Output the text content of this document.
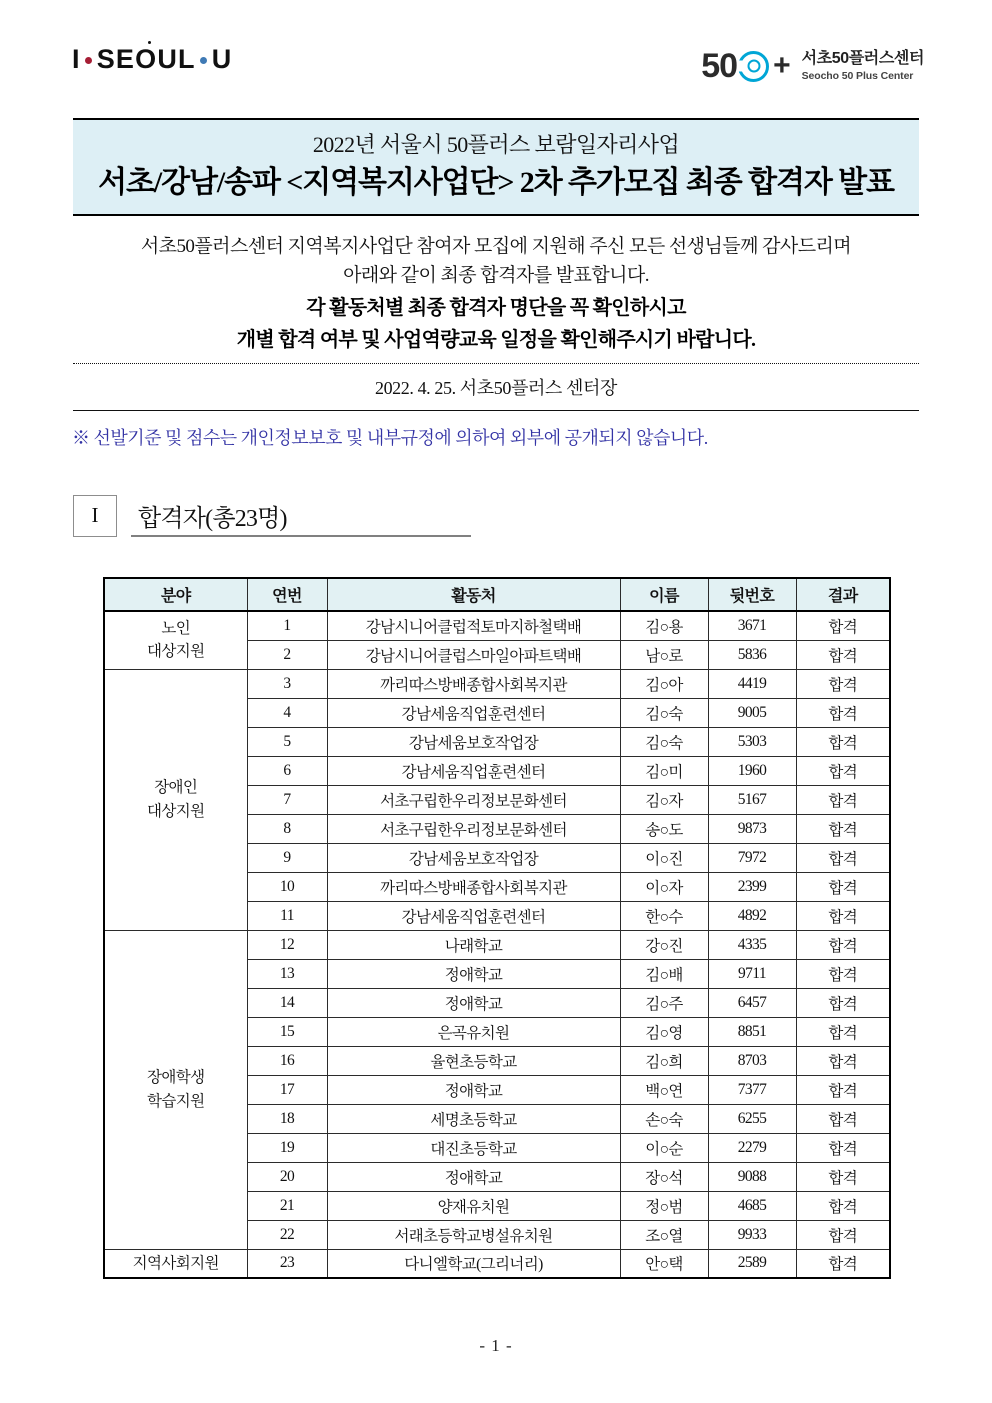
I SEOUL U	50 + 서초50플러스센터
Seocho 50 Plus Center
2022년 서울시 50플러스 보람일자리사업
서초/강남/송파 <지역복지사업단> 2차 추가모집 최종 합격자 발표
서초50플러스센터 지역복지사업단 참여자 모집에 지원해 주신 모든 선생님들께 감사드리며
아래와 같이 최종 합격자를 발표합니다.
각 활동처별 최종 합격자 명단을 꼭 확인하시고
개별 합격 여부 및 사업역량교육 일정을 확인해주시기 바랍니다.
2022. 4. 25. 서초50플러스 센터장
※ 선발기준 및 점수는 개인정보보호 및 내부규정에 의하여 외부에 공개되지 않습니다.
I	합격자(총23명)
분야	연번	활동처	이름	뒷번호	결과

노인
대상지원	1	강남시니어클럽적토마지하철택배	김○용	3671	합격
	2	강남시니어클럽스마일아파트택배	남○로	5836	합격

장애인
대상지원	3	까리따스방배종합사회복지관	김○아	4419	합격
	4	강남세움직업훈련센터	김○숙	9005	합격
	5	강남세움보호작업장	김○숙	5303	합격
	6	강남세움직업훈련센터	김○미	1960	합격
	7	서초구립한우리정보문화센터	김○자	5167	합격
	8	서초구립한우리정보문화센터	송○도	9873	합격
	9	강남세움보호작업장	이○진	7972	합격
	10	까리따스방배종합사회복지관	이○자	2399	합격
	11	강남세움직업훈련센터	한○수	4892	합격

장애학생
학습지원	12	나래학교	강○진	4335	합격
	13	정애학교	김○배	9711	합격
	14	정애학교	김○주	6457	합격
	15	은곡유치원	김○영	8851	합격
	16	율현초등학교	김○희	8703	합격
	17	정애학교	백○연	7377	합격
	18	세명초등학교	손○숙	6255	합격
	19	대진초등학교	이○순	2279	합격
	20	정애학교	장○석	9088	합격
	21	양재유치원	정○범	4685	합격
	22	서래초등학교병설유치원	조○열	9933	합격

지역사회지원	23	다니엘학교(그리너리)	안○택	2589	합격
- 1 -
